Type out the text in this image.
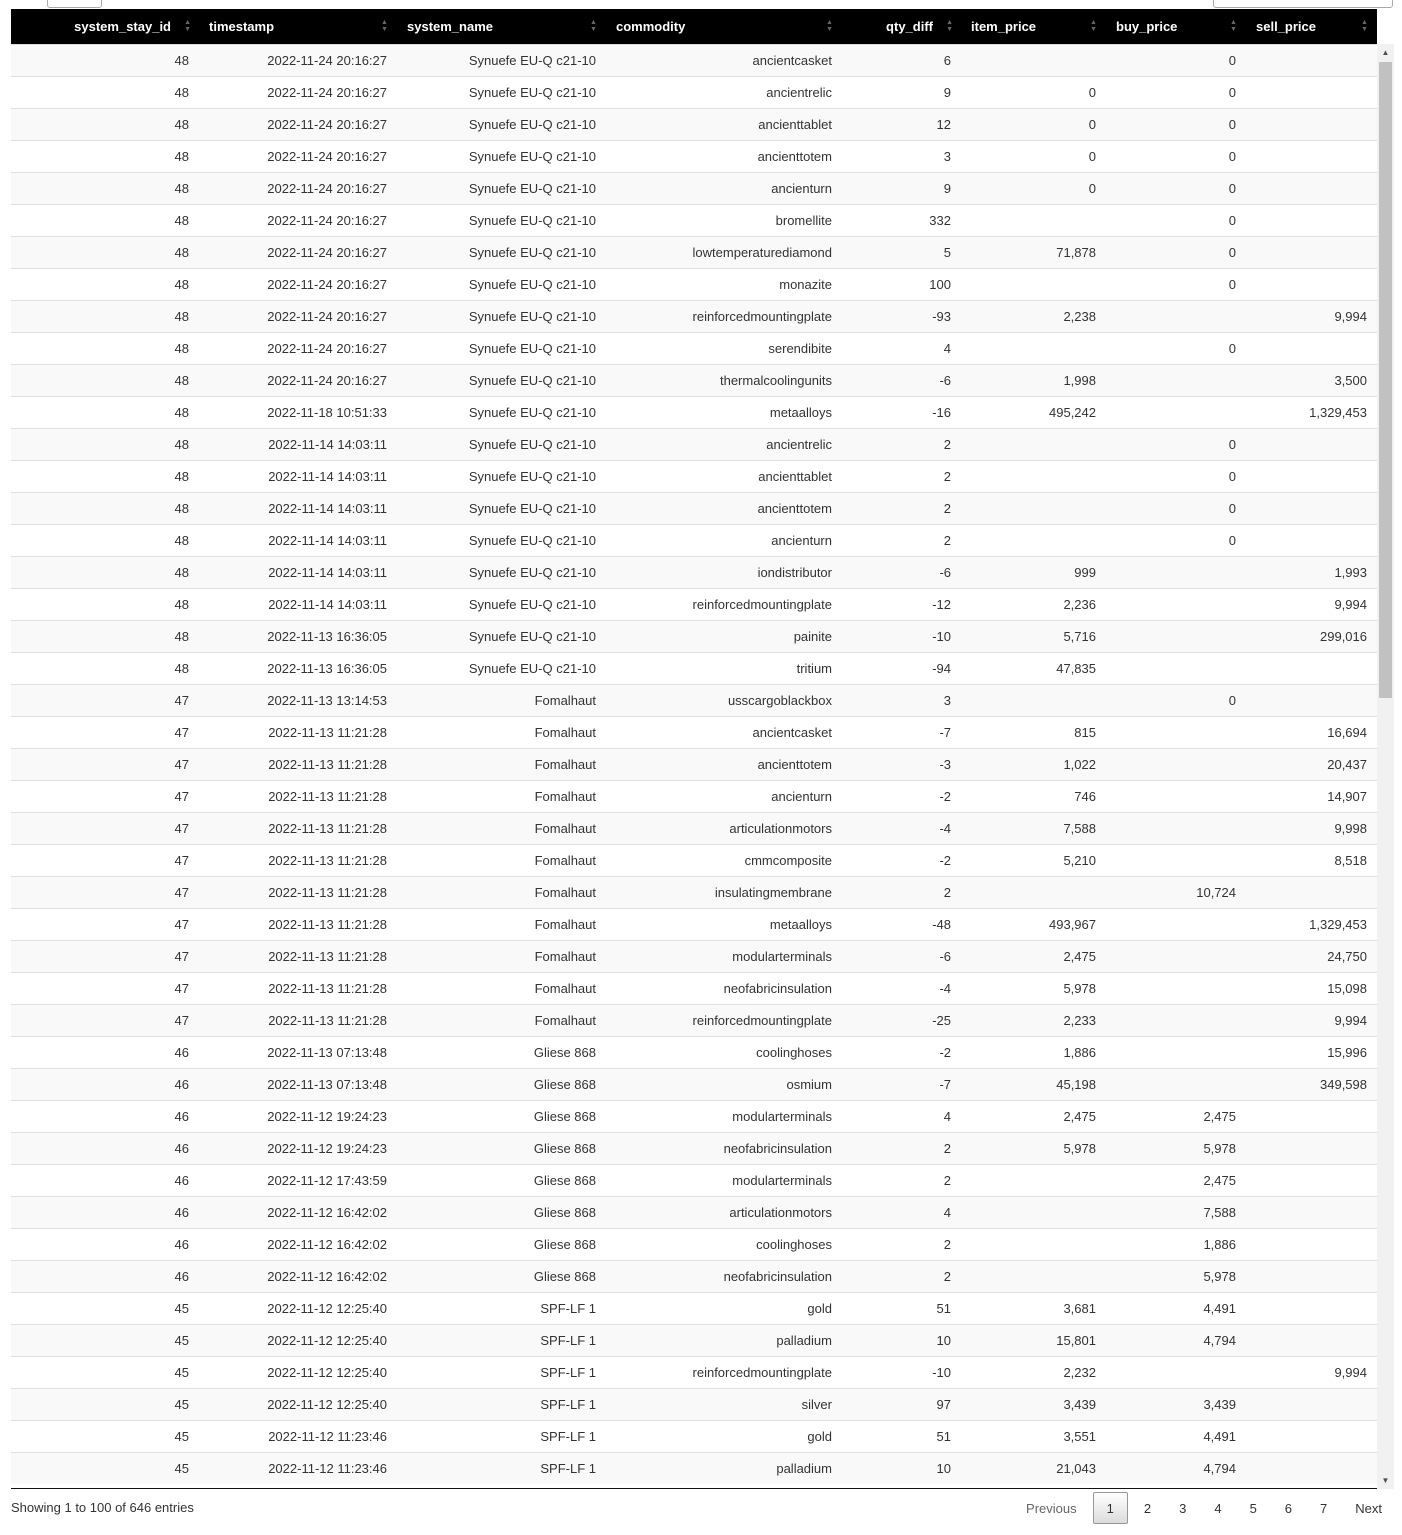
system_stay_id ▲
▼	timestamp ▲
▼	system_name ▲
▼	commodity ▲
▼	qty_diff ▲
▼	item_price ▲
▼	buy_price ▲
▼	sell_price ▲
▼

48	2022-11-24 20:16:27	Synuefe EU-Q c21-10	ancientcasket	6		0	
48	2022-11-24 20:16:27	Synuefe EU-Q c21-10	ancientrelic	9	0	0	
48	2022-11-24 20:16:27	Synuefe EU-Q c21-10	ancienttablet	12	0	0	
48	2022-11-24 20:16:27	Synuefe EU-Q c21-10	ancienttotem	3	0	0	
48	2022-11-24 20:16:27	Synuefe EU-Q c21-10	ancienturn	9	0	0	
48	2022-11-24 20:16:27	Synuefe EU-Q c21-10	bromellite	332		0	
48	2022-11-24 20:16:27	Synuefe EU-Q c21-10	lowtemperaturediamond	5	71,878	0	
48	2022-11-24 20:16:27	Synuefe EU-Q c21-10	monazite	100		0	
48	2022-11-24 20:16:27	Synuefe EU-Q c21-10	reinforcedmountingplate	-93	2,238		9,994
48	2022-11-24 20:16:27	Synuefe EU-Q c21-10	serendibite	4		0	
48	2022-11-24 20:16:27	Synuefe EU-Q c21-10	thermalcoolingunits	-6	1,998		3,500
48	2022-11-18 10:51:33	Synuefe EU-Q c21-10	metaalloys	-16	495,242		1,329,453
48	2022-11-14 14:03:11	Synuefe EU-Q c21-10	ancientrelic	2		0	
48	2022-11-14 14:03:11	Synuefe EU-Q c21-10	ancienttablet	2		0	
48	2022-11-14 14:03:11	Synuefe EU-Q c21-10	ancienttotem	2		0	
48	2022-11-14 14:03:11	Synuefe EU-Q c21-10	ancienturn	2		0	
48	2022-11-14 14:03:11	Synuefe EU-Q c21-10	iondistributor	-6	999		1,993
48	2022-11-14 14:03:11	Synuefe EU-Q c21-10	reinforcedmountingplate	-12	2,236		9,994
48	2022-11-13 16:36:05	Synuefe EU-Q c21-10	painite	-10	5,716		299,016
48	2022-11-13 16:36:05	Synuefe EU-Q c21-10	tritium	-94	47,835		
47	2022-11-13 13:14:53	Fomalhaut	usscargoblackbox	3		0	
47	2022-11-13 11:21:28	Fomalhaut	ancientcasket	-7	815		16,694
47	2022-11-13 11:21:28	Fomalhaut	ancienttotem	-3	1,022		20,437
47	2022-11-13 11:21:28	Fomalhaut	ancienturn	-2	746		14,907
47	2022-11-13 11:21:28	Fomalhaut	articulationmotors	-4	7,588		9,998
47	2022-11-13 11:21:28	Fomalhaut	cmmcomposite	-2	5,210		8,518
47	2022-11-13 11:21:28	Fomalhaut	insulatingmembrane	2		10,724	
47	2022-11-13 11:21:28	Fomalhaut	metaalloys	-48	493,967		1,329,453
47	2022-11-13 11:21:28	Fomalhaut	modularterminals	-6	2,475		24,750
47	2022-11-13 11:21:28	Fomalhaut	neofabricinsulation	-4	5,978		15,098
47	2022-11-13 11:21:28	Fomalhaut	reinforcedmountingplate	-25	2,233		9,994
46	2022-11-13 07:13:48	Gliese 868	coolinghoses	-2	1,886		15,996
46	2022-11-13 07:13:48	Gliese 868	osmium	-7	45,198		349,598
46	2022-11-12 19:24:23	Gliese 868	modularterminals	4	2,475	2,475	
46	2022-11-12 19:24:23	Gliese 868	neofabricinsulation	2	5,978	5,978	
46	2022-11-12 17:43:59	Gliese 868	modularterminals	2		2,475	
46	2022-11-12 16:42:02	Gliese 868	articulationmotors	4		7,588	
46	2022-11-12 16:42:02	Gliese 868	coolinghoses	2		1,886	
46	2022-11-12 16:42:02	Gliese 868	neofabricinsulation	2		5,978	
45	2022-11-12 12:25:40	SPF-LF 1	gold	51	3,681	4,491	
45	2022-11-12 12:25:40	SPF-LF 1	palladium	10	15,801	4,794	
45	2022-11-12 12:25:40	SPF-LF 1	reinforcedmountingplate	-10	2,232		9,994
45	2022-11-12 12:25:40	SPF-LF 1	silver	97	3,439	3,439	
45	2022-11-12 11:23:46	SPF-LF 1	gold	51	3,551	4,491	
45	2022-11-12 11:23:46	SPF-LF 1	palladium	10	21,043	4,794	
▲
▼
Showing 1 to 100 of 646 entries	Previous	1	2	3	4	5	6	7	Next
